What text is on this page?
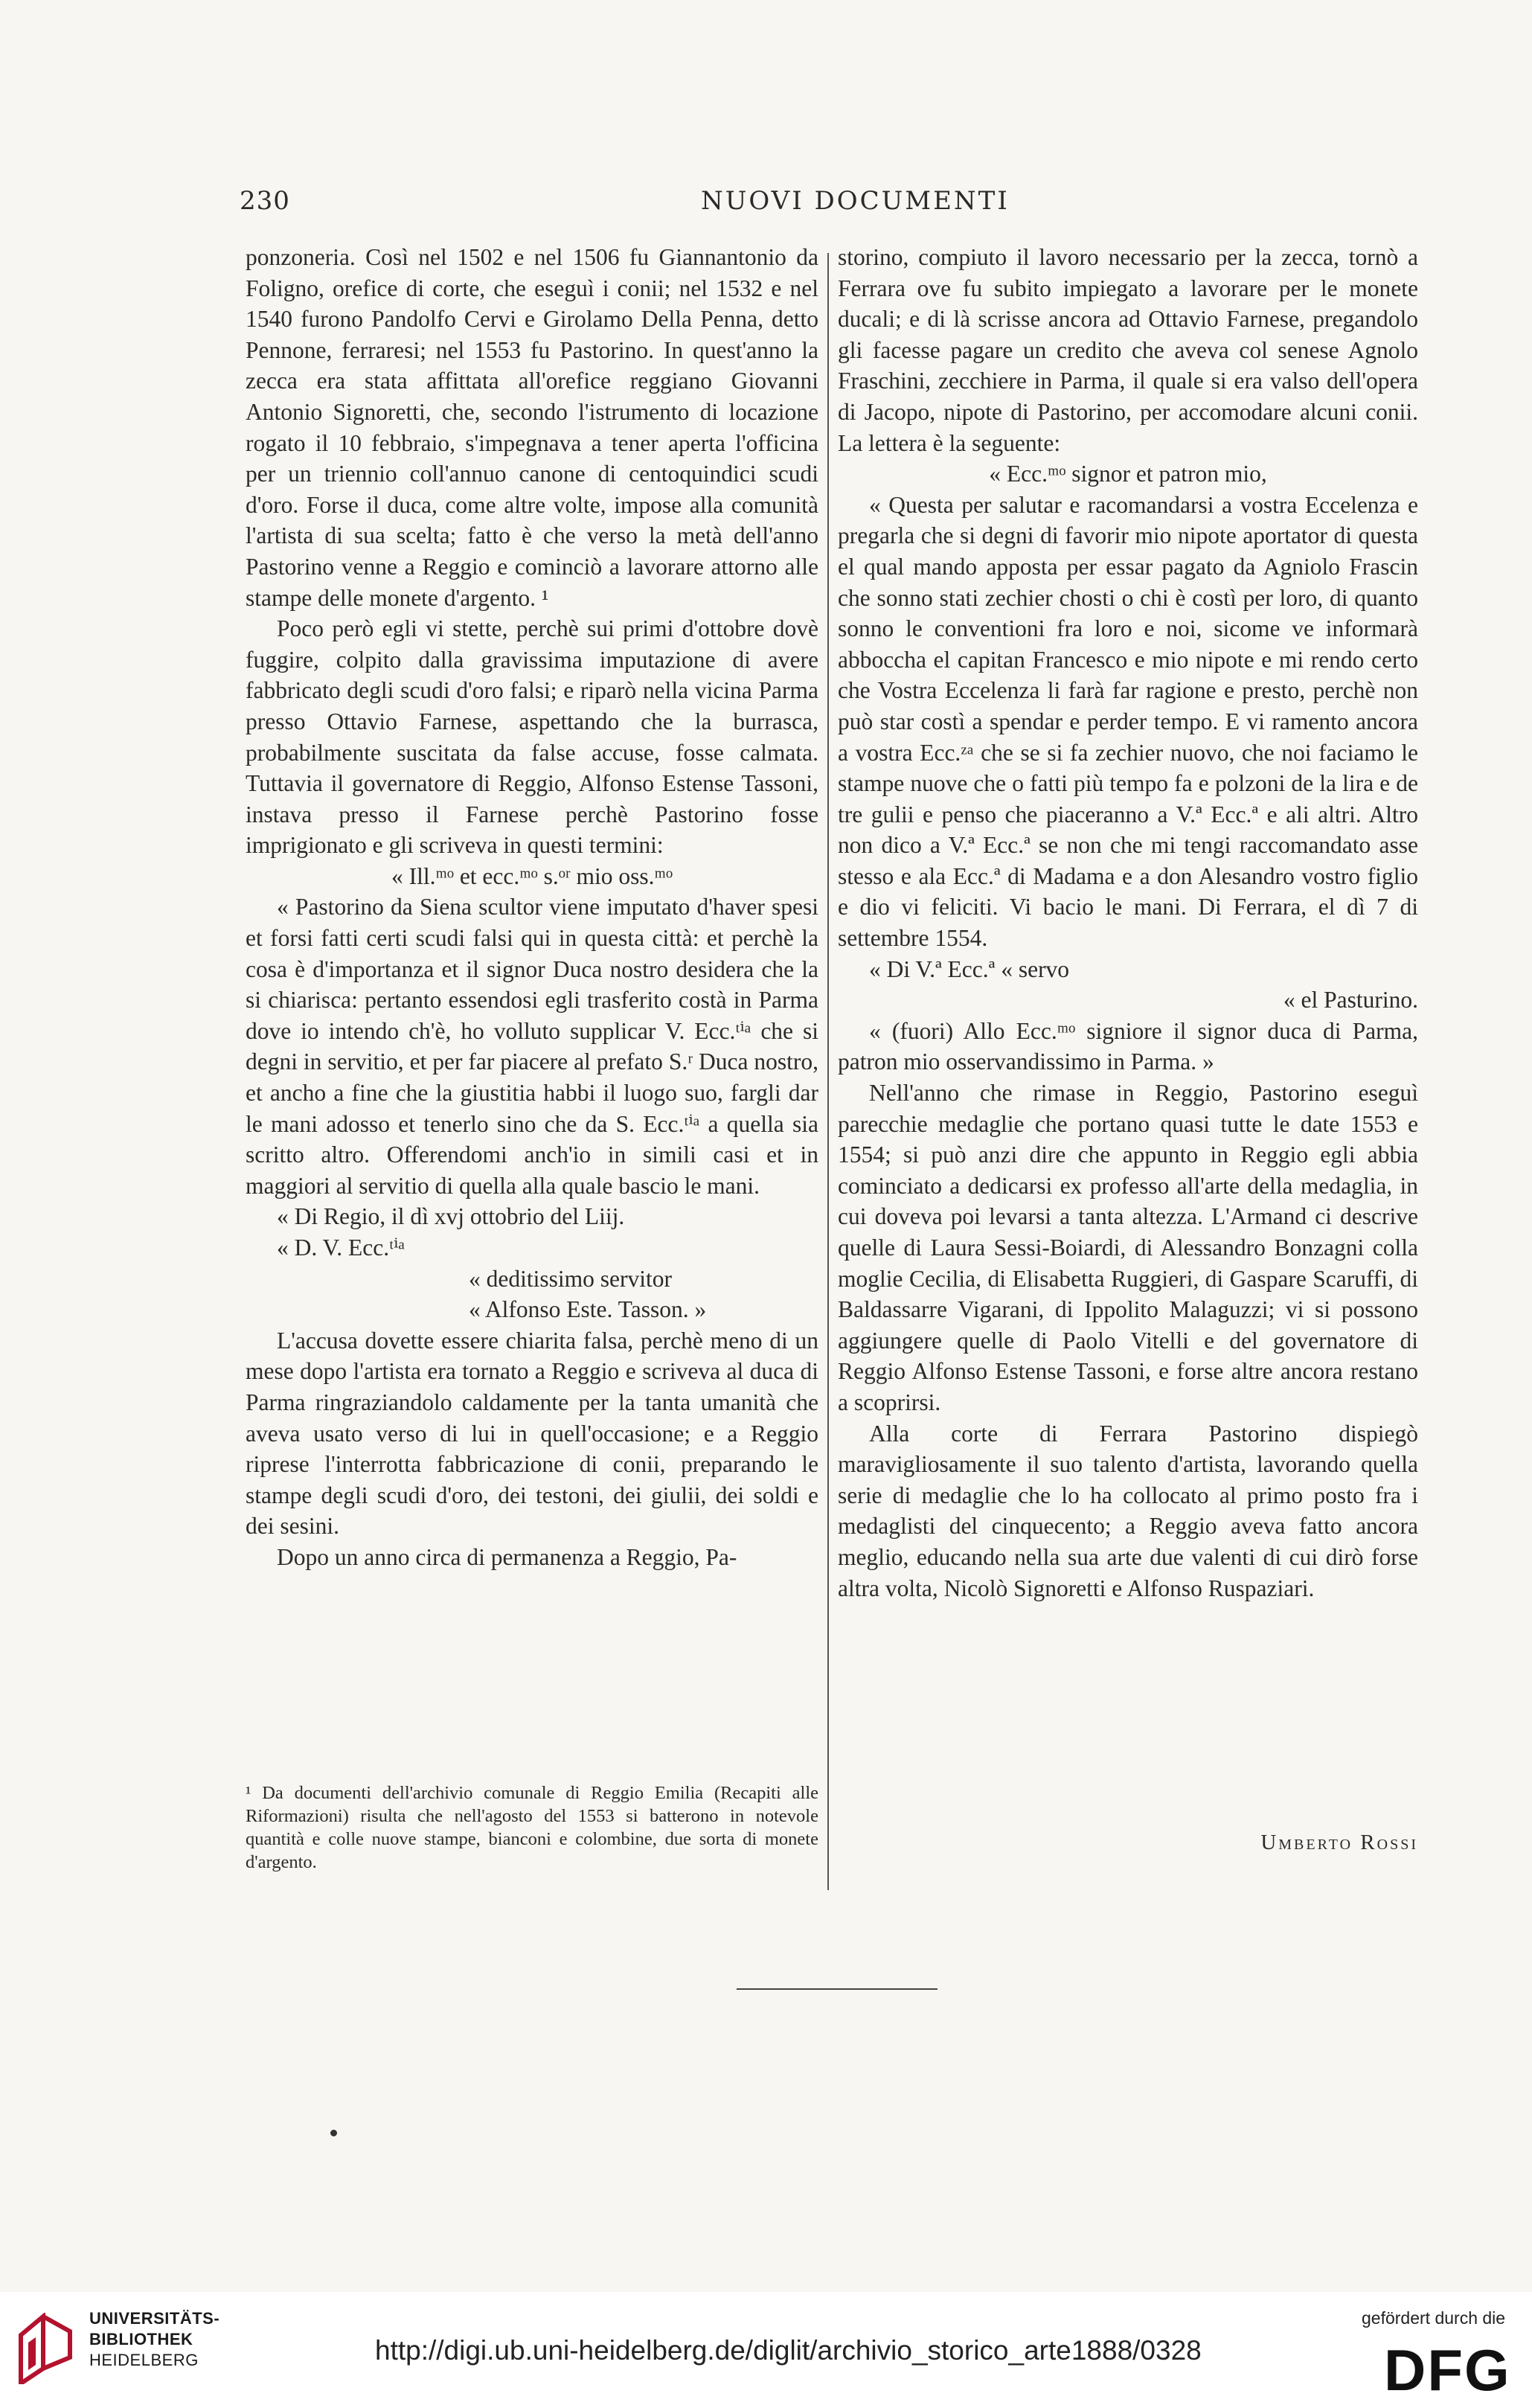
230	NUOVI DOCUMENTI

ponzoneria. Così nel 1502 e nel 1506 fu Giannantonio da Foligno, orefice di corte, che eseguì i conii; nel 1532 e nel 1540 furono Pandolfo Cervi e Girolamo Della Penna, detto Pennone, ferraresi; nel 1553 fu Pastorino. In quest'anno la zecca era stata affittata all'orefice reggiano Giovanni Antonio Signoretti, che, secondo l'istrumento di locazione rogato il 10 febbraio, s'impegnava a tener aperta l'officina per un triennio coll'annuo canone di centoquindici scudi d'oro. Forse il duca, come altre volte, impose alla comunità l'artista di sua scelta; fatto è che verso la metà dell'anno Pastorino venne a Reggio e cominciò a lavorare attorno alle stampe delle monete d'argento. ¹

Poco però egli vi stette, perchè sui primi d'ottobre dovè fuggire, colpito dalla gravissima imputazione di avere fabbricato degli scudi d'oro falsi; e riparò nella vicina Parma presso Ottavio Farnese, aspettando che la burrasca, probabilmente suscitata da false accuse, fosse calmata. Tuttavia il governatore di Reggio, Alfonso Estense Tassoni, instava presso il Farnese perchè Pastorino fosse imprigionato e gli scriveva in questi termini:

« Ill.ᵐᵒ et ecc.ᵐᵒ s.ᵒʳ mio oss.ᵐᵒ

« Pastorino da Siena scultor viene imputato d'haver spesi et forsi fatti certi scudi falsi qui in questa città: et perchè la cosa è d'importanza et il signor Duca nostro desidera che la si chiarisca: pertanto essendosi egli trasferito costà in Parma dove io intendo ch'è, ho volluto supplicar V. Ecc.ᵗⁱᵃ che si degni in servitio, et per far piacere al prefato S.ʳ Duca nostro, et ancho a fine che la giustitia habbi il luogo suo, fargli dar le mani adosso et tenerlo sino che da S. Ecc.ᵗⁱᵃ a quella sia scritto altro. Offerendomi anch'io in simili casi et in maggiori al servitio di quella alla quale bascio le mani.

« Di Regio, il dì xvj ottobrio del Liij.

« D. V. Ecc.ᵗⁱᵃ

« deditissimo servitor

« Alfonso Este. Tasson. »

L'accusa dovette essere chiarita falsa, perchè meno di un mese dopo l'artista era tornato a Reggio e scriveva al duca di Parma ringraziandolo caldamente per la tanta umanità che aveva usato verso di lui in quell'occasione; e a Reggio riprese l'interrotta fabbricazione di conii, preparando le stampe degli scudi d'oro, dei testoni, dei giulii, dei soldi e dei sesini.

Dopo un anno circa di permanenza a Reggio, Pa-

storino, compiuto il lavoro necessario per la zecca, tornò a Ferrara ove fu subito impiegato a lavorare per le monete ducali; e di là scrisse ancora ad Ottavio Farnese, pregandolo gli facesse pagare un credito che aveva col senese Agnolo Fraschini, zecchiere in Parma, il quale si era valso dell'opera di Jacopo, nipote di Pastorino, per accomodare alcuni conii. La lettera è la seguente:

« Ecc.ᵐᵒ signor et patron mio,

« Questa per salutar e racomandarsi a vostra Eccelenza e pregarla che si degni di favorir mio nipote aportator di questa el qual mando apposta per essar pagato da Agniolo Frascin che sonno stati zechier chosti o chi è costì per loro, di quanto sonno le conventioni fra loro e noi, sicome ve informarà abboccha el capitan Francesco e mio nipote e mi rendo certo che Vostra Eccelenza li farà far ragione e presto, perchè non può star costì a spendar e perder tempo. E vi ramento ancora a vostra Ecc.ᶻᵃ che se si fa zechier nuovo, che noi faciamo le stampe nuove che o fatti più tempo fa e polzoni de la lira e de tre gulii e penso che piaceranno a V.ª Ecc.ª e ali altri. Altro non dico a V.ª Ecc.ª se non che mi tengi raccomandato asse stesso e ala Ecc.ª di Madama e a don Alesandro vostro figlio e dio vi feliciti. Vi bacio le mani. Di Ferrara, el dì 7 di settembre 1554.

« Di V.ª Ecc.ª « servo

« el Pasturino.

« (fuori) Allo Ecc.ᵐᵒ signiore il signor duca di Parma, patron mio osservandissimo in Parma. »

Nell'anno che rimase in Reggio, Pastorino eseguì parecchie medaglie che portano quasi tutte le date 1553 e 1554; si può anzi dire che appunto in Reggio egli abbia cominciato a dedicarsi ex professo all'arte della medaglia, in cui doveva poi levarsi a tanta altezza. L'Armand ci descrive quelle di Laura Sessi-Boiardi, di Alessandro Bonzagni colla moglie Cecilia, di Elisabetta Ruggieri, di Gaspare Scaruffi, di Baldassarre Vigarani, di Ippolito Malaguzzi; vi si possono aggiungere quelle di Paolo Vitelli e del governatore di Reggio Alfonso Estense Tassoni, e forse altre ancora restano a scoprirsi.

Alla corte di Ferrara Pastorino dispiegò maravigliosamente il suo talento d'artista, lavorando quella serie di medaglie che lo ha collocato al primo posto fra i medaglisti del cinquecento; a Reggio aveva fatto ancora meglio, educando nella sua arte due valenti di cui dirò forse altra volta, Nicolò Signoretti e Alfonso Ruspaziari.

¹ Da documenti dell'archivio comunale di Reggio Emilia (Recapiti alle Riformazioni) risulta che nell'agosto del 1553 si batterono in notevole quantità e colle nuove stampe, bianconi e colombine, due sorta di monete d'argento.

Umberto Rossi
UNIVERSITÄTS-
BIBLIOTHEK
HEIDELBERG	http://digi.ub.uni-heidelberg.de/diglit/archivio_storico_arte1888/0328
gefördert durch die
DFG
